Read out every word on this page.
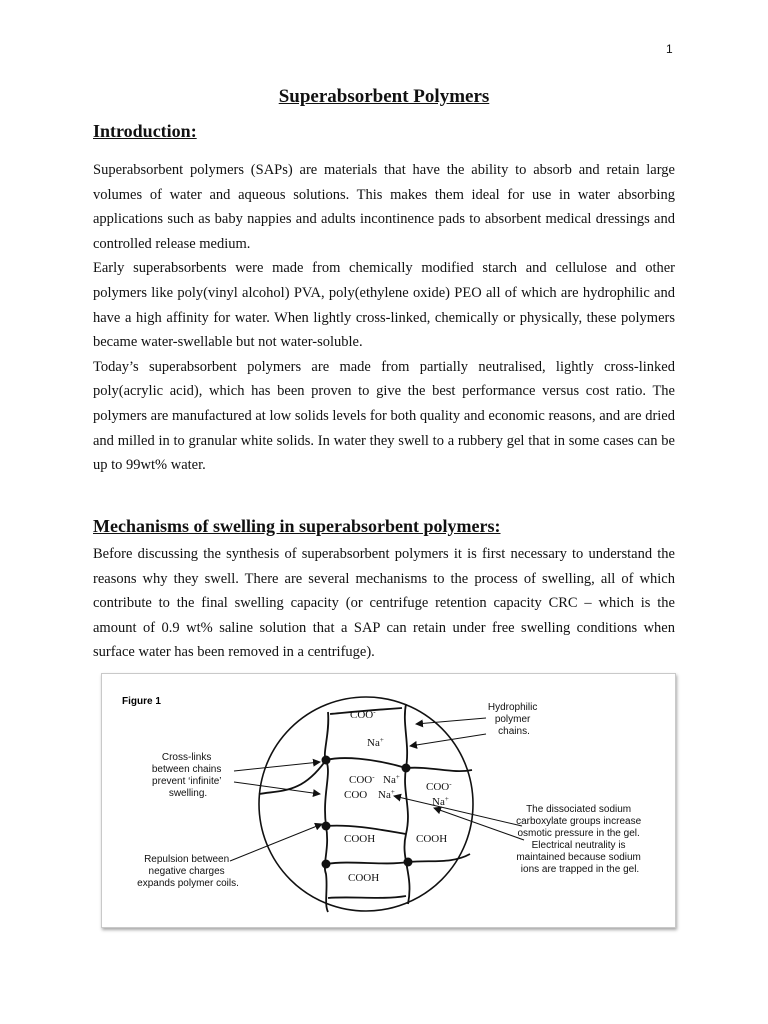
1
Superabsorbent Polymers
Introduction:

Superabsorbent polymers (SAPs) are materials that have the ability to absorb and retain large volumes of water and aqueous solutions. This makes them ideal for use in water absorbing applications such as baby nappies and adults incontinence pads to absorbent medical dressings and controlled release medium.

Early superabsorbents were made from chemically modified starch and cellulose and other polymers like poly(vinyl alcohol) PVA, poly(ethylene oxide) PEO all of which are hydrophilic and have a high affinity for water. When lightly cross-linked, chemically or physically, these polymers became water-swellable but not water-soluble.

Today’s superabsorbent polymers are made from partially neutralised, lightly cross-linked poly(acrylic acid), which has been proven to give the best performance versus cost ratio. The polymers are manufactured at low solids levels for both quality and economic reasons, and are dried and milled in to granular white solids. In water they swell to a rubbery gel that in some cases can be up to 99wt% water.

Mechanisms of swelling in superabsorbent polymers:

Before discussing the synthesis of superabsorbent polymers it is first necessary to understand the reasons why they swell. There are several mechanisms to the process of swelling, all of which contribute to the final swelling capacity (or centrifuge retention capacity CRC – which is the amount of 0.9 wt% saline solution that a SAP can retain under free swelling conditions when surface water has been removed in a centrifuge).

Figure 1
COO-
Na+
COO- Na+
COO Na+	COO-
Na+
COOH	COOH
COOH
Cross-links between chains prevent ‘infinite’ swelling.
Hydrophilic polymer chains.
Repulsion between negative charges expands polymer coils.
The dissociated sodium carboxylate groups increase osmotic pressure in the gel. Electrical neutrality is maintained because sodium ions are trapped in the gel.
